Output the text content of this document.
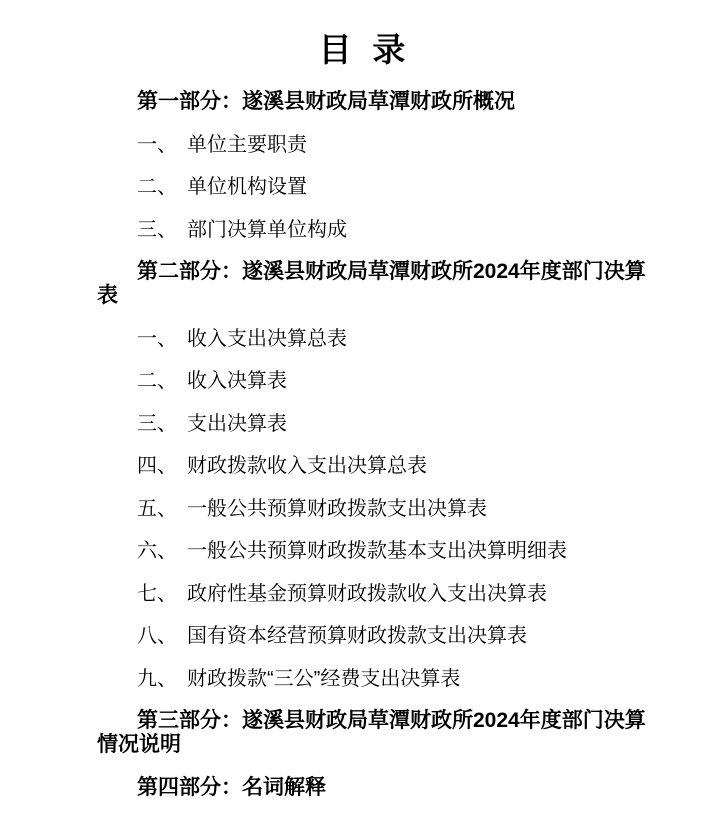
目 录

第一部分：遂溪县财政局草潭财政所概况

一、　单位主要职责

二、　单位机构设置

三、　部门决算单位构成

第二部分：遂溪县财政局草潭财政所2024年度部门决算表

一、　收入支出决算总表

二、　收入决算表

三、　支出决算表

四、　财政拨款收入支出决算总表

五、　一般公共预算财政拨款支出决算表

六、　一般公共预算财政拨款基本支出决算明细表

七、　政府性基金预算财政拨款收入支出决算表

八、　国有资本经营预算财政拨款支出决算表

九、　财政拨款“三公”经费支出决算表

第三部分：遂溪县财政局草潭财政所2024年度部门决算情况说明

第四部分：名词解释
